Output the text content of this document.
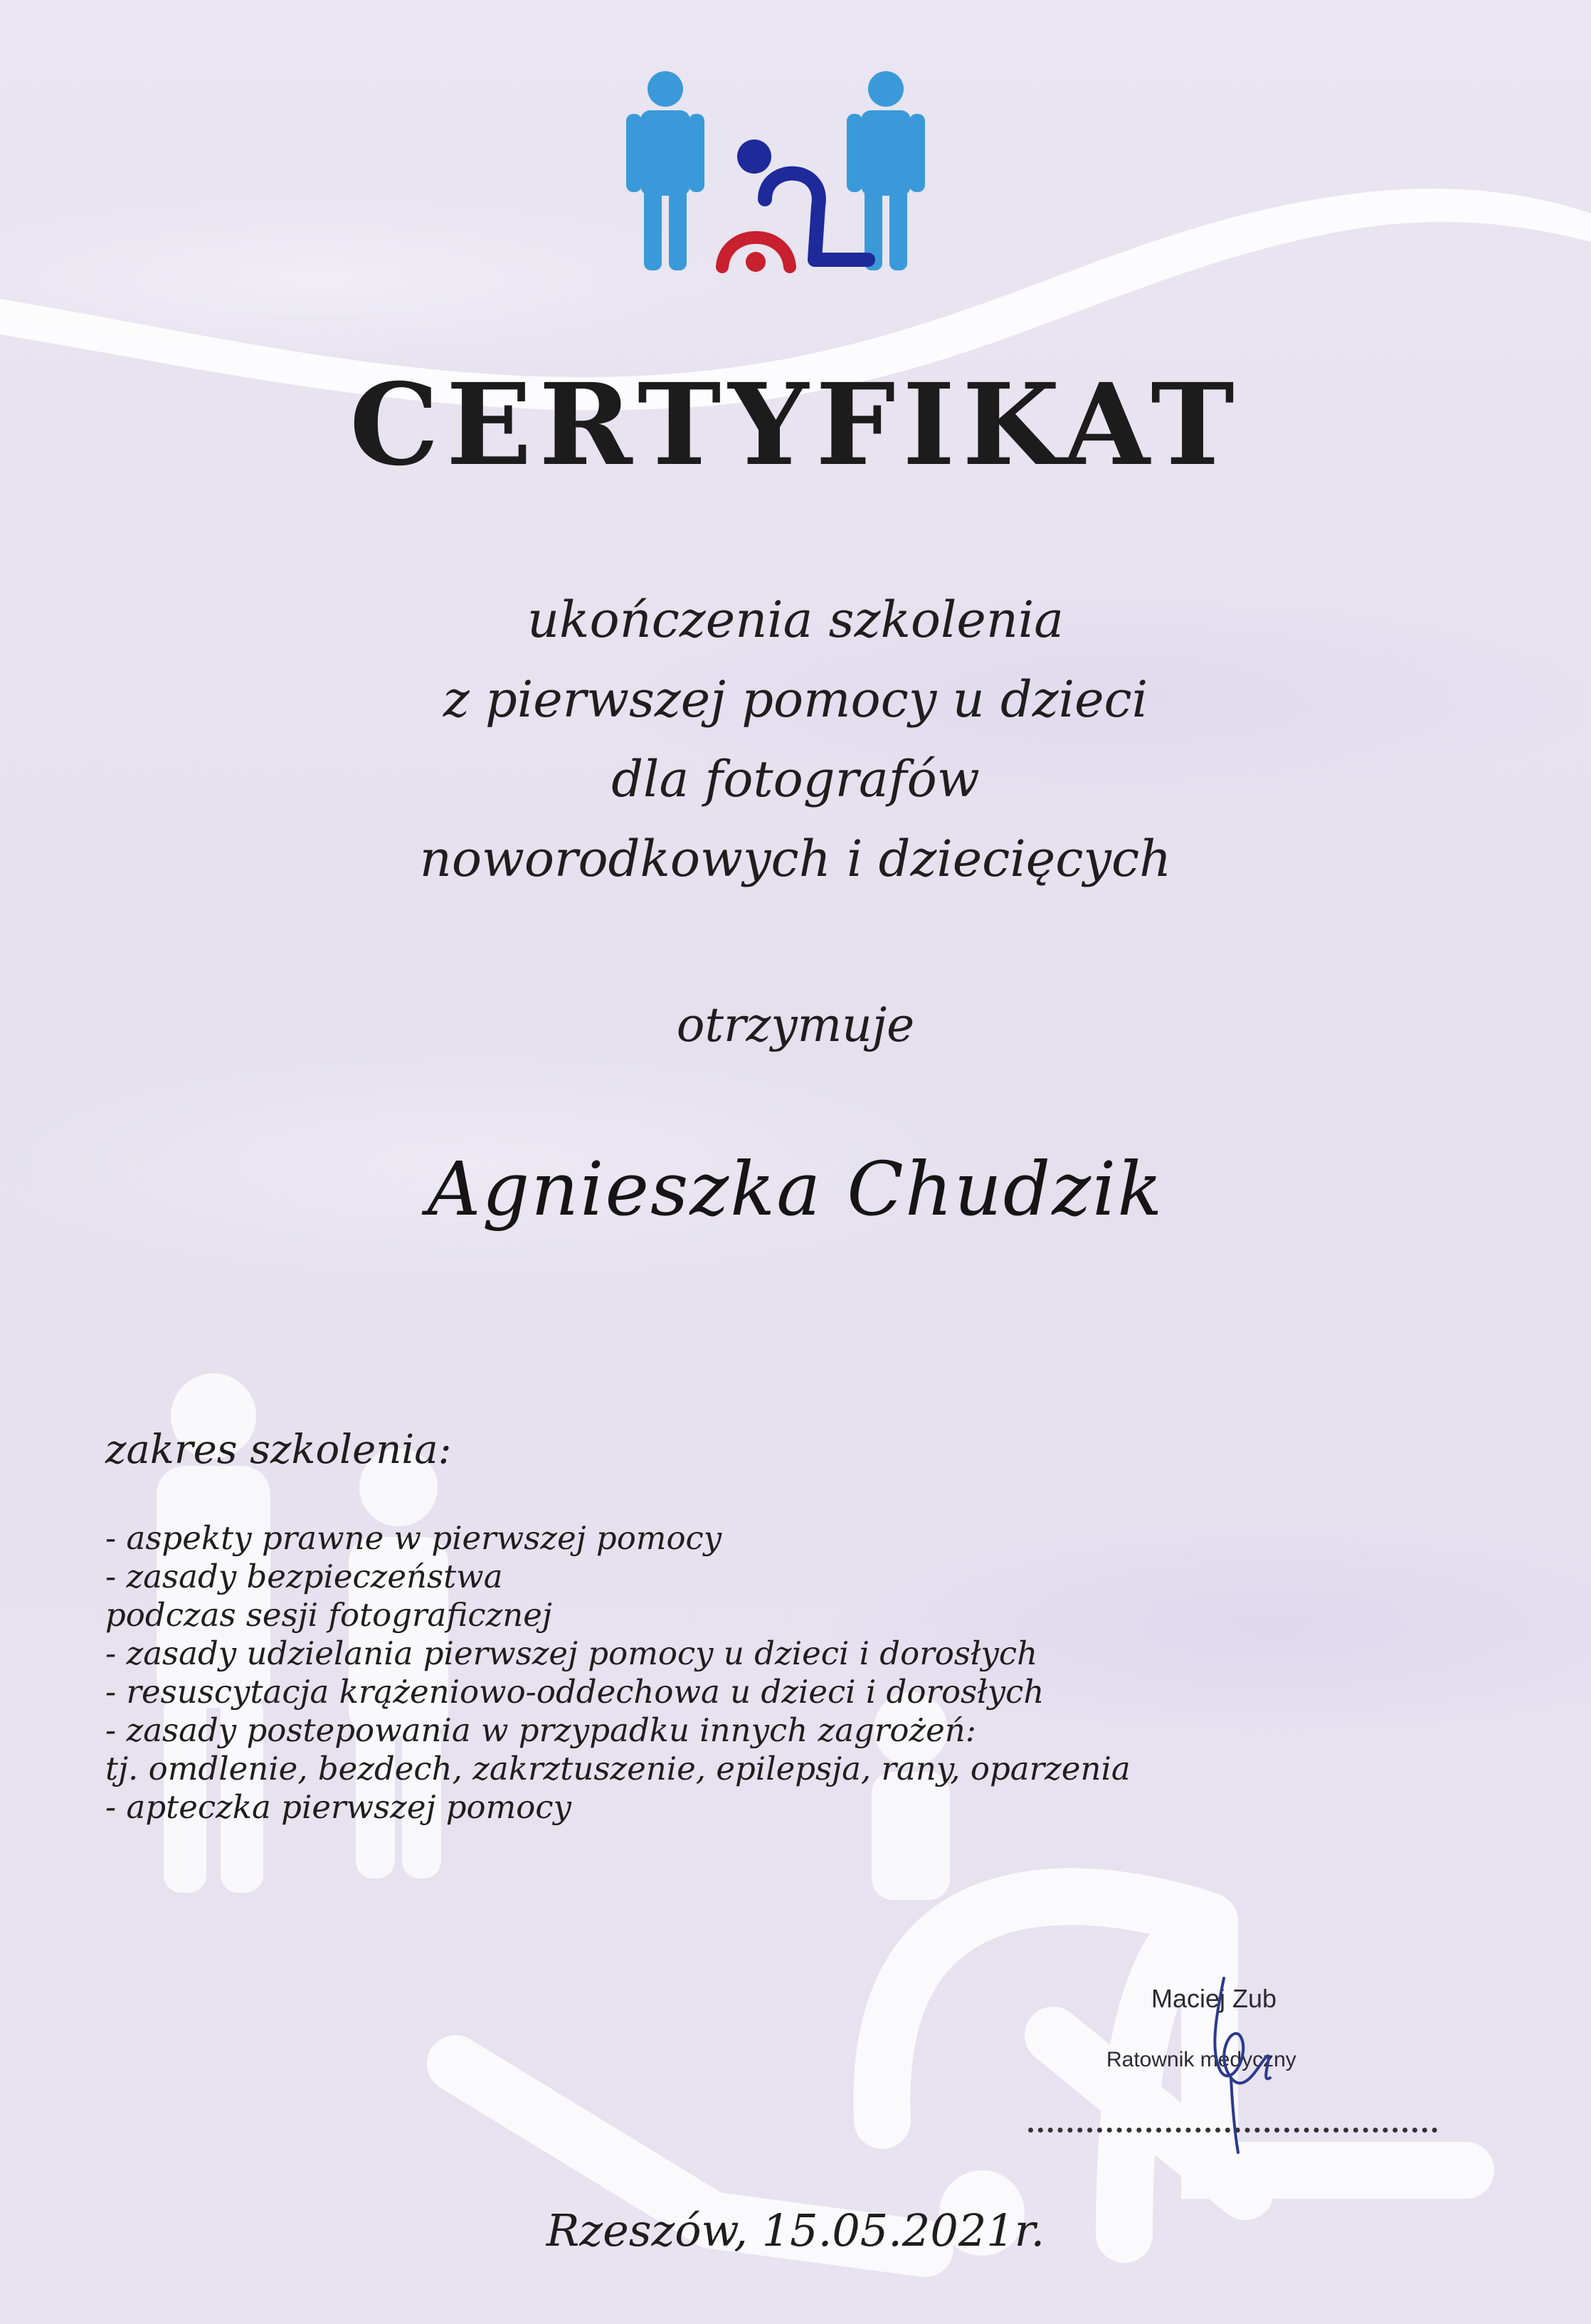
CERTYFIKAT
ukończenia szkolenia
z pierwszej pomocy u dzieci
dla fotografów
noworodkowych i dziecięcych
otrzymuje
Agnieszka Chudzik
zakres szkolenia:
- aspekty prawne w pierwszej pomocy
- zasady bezpieczeństwa
podczas sesji fotograficznej
- zasady udzielania pierwszej pomocy u dzieci i dorosłych
- resuscytacja krążeniowo-oddechowa u dzieci i dorosłych
- zasady postepowania w przypadku innych zagrożeń:
tj. omdlenie, bezdech, zakrztuszenie, epilepsja, rany, oparzenia
- apteczka pierwszej pomocy
Maciej Zub
Ratownik medyczny
Rzeszów, 15.05.2021r.
